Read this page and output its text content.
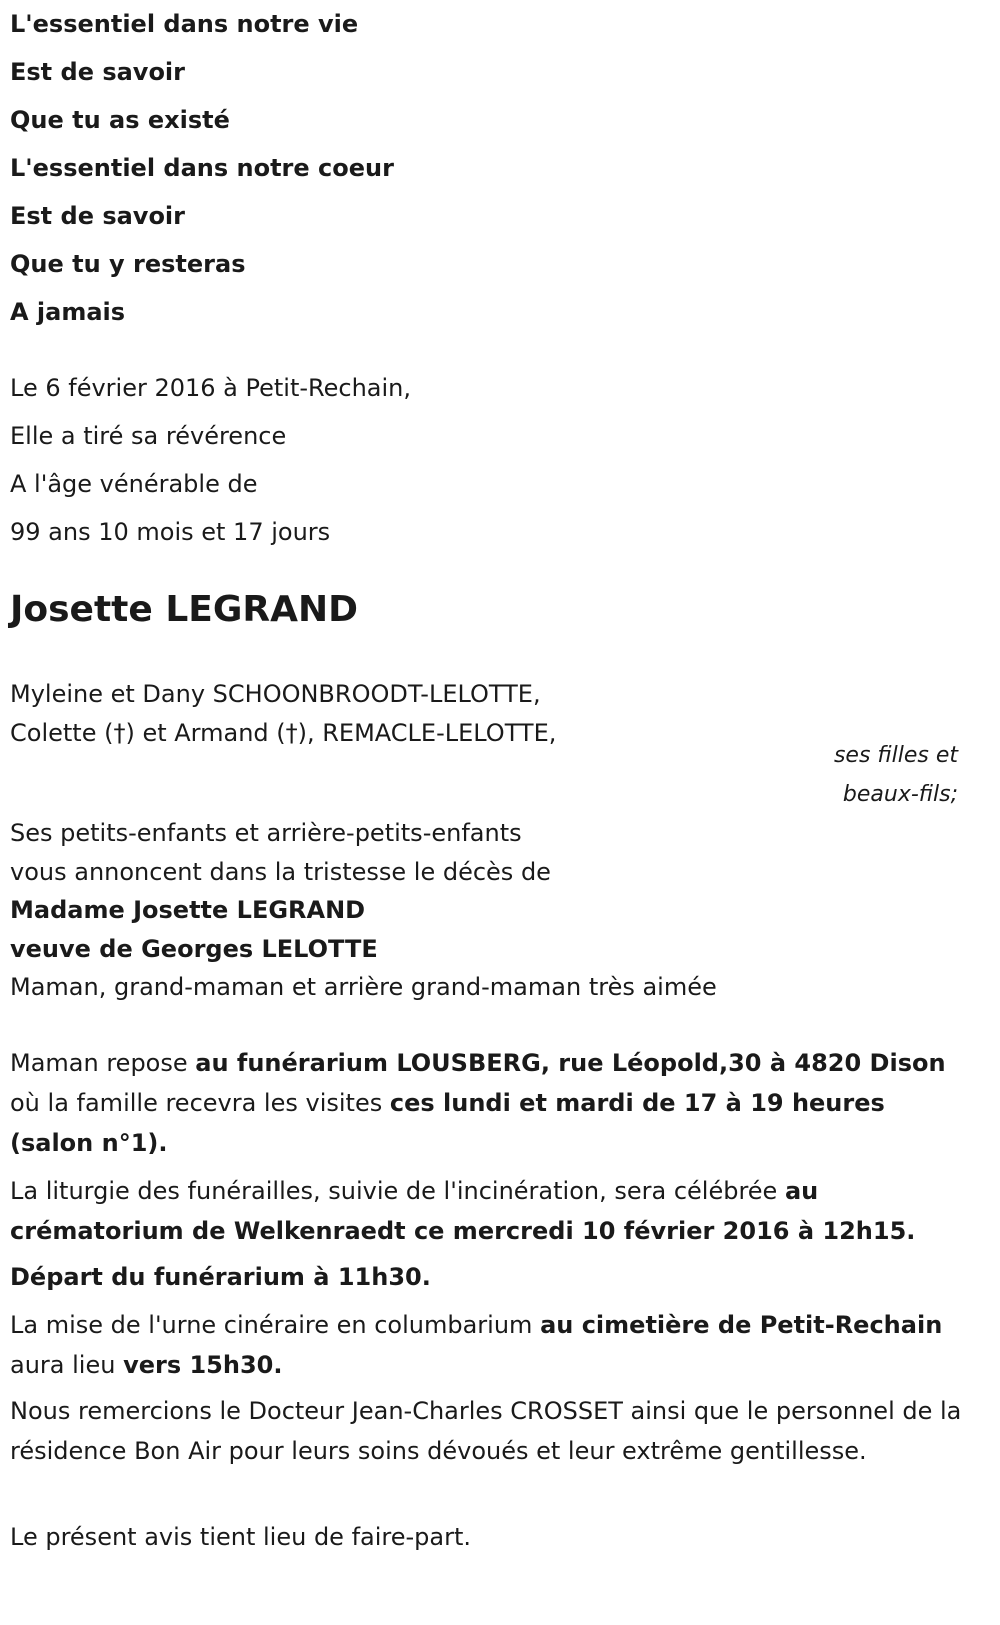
L'essentiel dans notre vie
Est de savoir
Que tu as existé
L'essentiel dans notre coeur
Est de savoir
Que tu y resteras
A jamais
Le 6 février 2016 à Petit-Rechain,
Elle a tiré sa révérence
A l'âge vénérable de
99 ans 10 mois et 17 jours
Josette LEGRAND
Myleine et Dany SCHOONBROODT-LELOTTE,
Colette (†) et Armand (†), REMACLE-LELOTTE,
ses filles et
beaux-fils;
Ses petits-enfants et arrière-petits-enfants
vous annoncent dans la tristesse le décès de
Madame Josette LEGRAND
veuve de Georges LELOTTE
Maman, grand-maman et arrière grand-maman très aimée
Maman repose au funérarium LOUSBERG, rue Léopold,30 à 4820 Dison où la famille recevra les visites ces lundi et mardi de 17 à 19 heures (salon n°1).
La liturgie des funérailles, suivie de l'incinération, sera célébrée au crématorium de Welkenraedt ce mercredi 10 février 2016 à 12h15.
Départ du funérarium à 11h30.
La mise de l'urne cinéraire en columbarium au cimetière de Petit-Rechain aura lieu vers 15h30.
Nous remercions le Docteur Jean-Charles CROSSET ainsi que le personnel de la résidence Bon Air pour leurs soins dévoués et leur extrême gentillesse.
Le présent avis tient lieu de faire-part.
